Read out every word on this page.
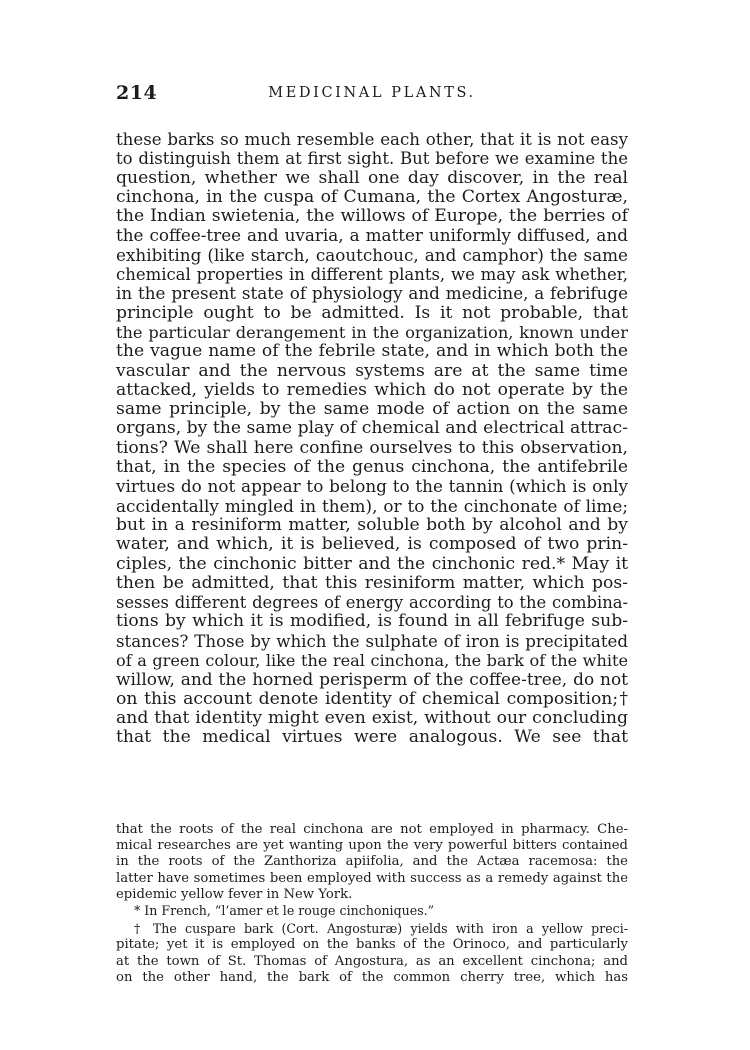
214	MEDICINAL PLANTS.
these barks so much resemble each other, that it is not easy
to distinguish them at first sight. But before we examine the
question, whether we shall one day discover, in the real
cinchona, in the cuspa of Cumana, the Cortex Angosturæ,
the Indian swietenia, the willows of Europe, the berries of
the coffee-tree and uvaria, a matter uniformly diffused, and
exhibiting (like starch, caoutchouc, and camphor) the same
chemical properties in different plants, we may ask whether,
in the present state of physiology and medicine, a febrifuge
principle ought to be admitted. Is it not probable, that
the particular derangement in the organization, known under
the vague name of the febrile state, and in which both the
vascular and the nervous systems are at the same time
attacked, yields to remedies which do not operate by the
same principle, by the same mode of action on the same
organs, by the same play of chemical and electrical attrac-
tions? We shall here confine ourselves to this observation,
that, in the species of the genus cinchona, the antifebrile
virtues do not appear to belong to the tannin (which is only
accidentally mingled in them), or to the cinchonate of lime;
but in a resiniform matter, soluble both by alcohol and by
water, and which, it is believed, is composed of two prin-
ciples, the cinchonic bitter and the cinchonic red.* May it
then be admitted, that this resiniform matter, which pos-
sesses different degrees of energy according to the combina-
tions by which it is modified, is found in all febrifuge sub-
stances? Those by which the sulphate of iron is precipitated
of a green colour, like the real cinchona, the bark of the white
willow, and the horned perisperm of the coffee-tree, do not
on this account denote identity of chemical composition;†
and that identity might even exist, without our concluding
that the medical virtues were analogous. We see that
that the roots of the real cinchona are not employed in pharmacy. Che-
mical researches are yet wanting upon the very powerful bitters contained
in the roots of the Zanthoriza apiifolia, and the Actæa racemosa: the
latter have sometimes been employed with success as a remedy against the
epidemic yellow fever in New York.
* In French, “l’amer et le rouge cinchoniques.”
† The cuspare bark (Cort. Angosturæ) yields with iron a yellow preci-
pitate; yet it is employed on the banks of the Orinoco, and particularly
at the town of St. Thomas of Angostura, as an excellent cinchona; and
on the other hand, the bark of the common cherry tree, which has
